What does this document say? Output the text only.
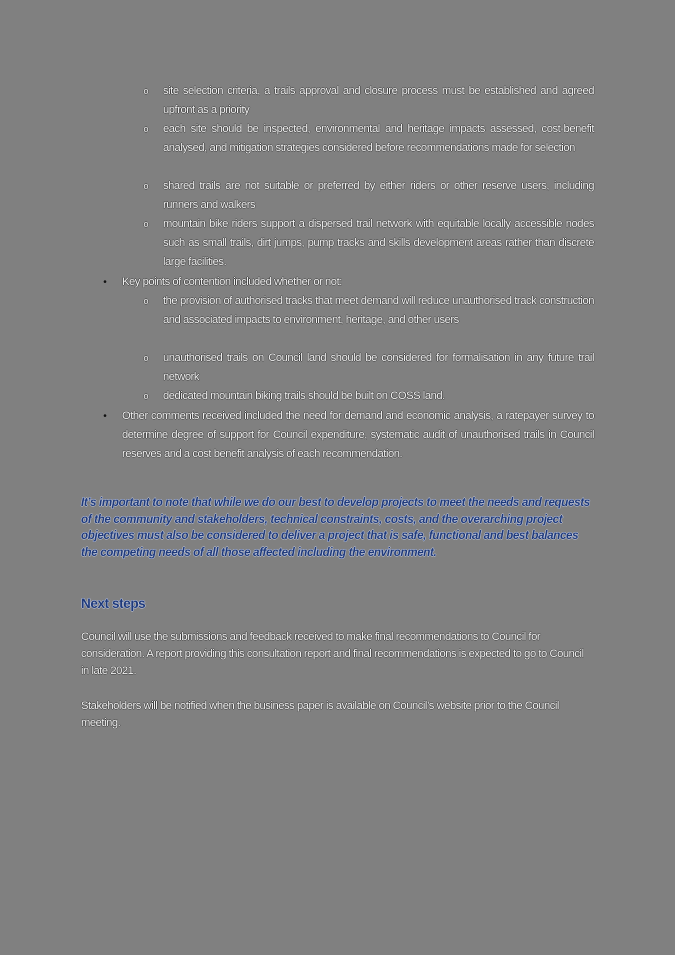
o site selection criteria, a trails approval and closure process must be established and agreed upfront as a priority
o each site should be inspected, environmental and heritage impacts assessed, cost-benefit analysed, and mitigation strategies considered before recommendations made for selection
o shared trails are not suitable or preferred by either riders or other reserve users, including runners and walkers
o mountain bike riders support a dispersed trail network with equitable locally accessible nodes such as small trails, dirt jumps, pump tracks and skills development areas rather than discrete large facilities.
• Key points of contention included whether or not:
o the provision of authorised tracks that meet demand will reduce unauthorised track construction and associated impacts to environment, heritage, and other users
o unauthorised trails on Council land should be considered for formalisation in any future trail network
o dedicated mountain biking trails should be built on COSS land.
• Other comments received included the need for demand and economic analysis, a ratepayer survey to determine degree of support for Council expenditure, systematic audit of unauthorised trails in Council reserves and a cost benefit analysis of each recommendation.
It’s important to note that while we do our best to develop projects to meet the needs and requests of the community and stakeholders, technical constraints, costs, and the overarching project objectives must also be considered to deliver a project that is safe, functional and best balances the competing needs of all those affected including the environment.
Next steps
Council will use the submissions and feedback received to make final recommendations to Council for consideration. A report providing this consultation report and final recommendations is expected to go to Council in late 2021.
Stakeholders will be notified when the business paper is available on Council’s website prior to the Council meeting.
